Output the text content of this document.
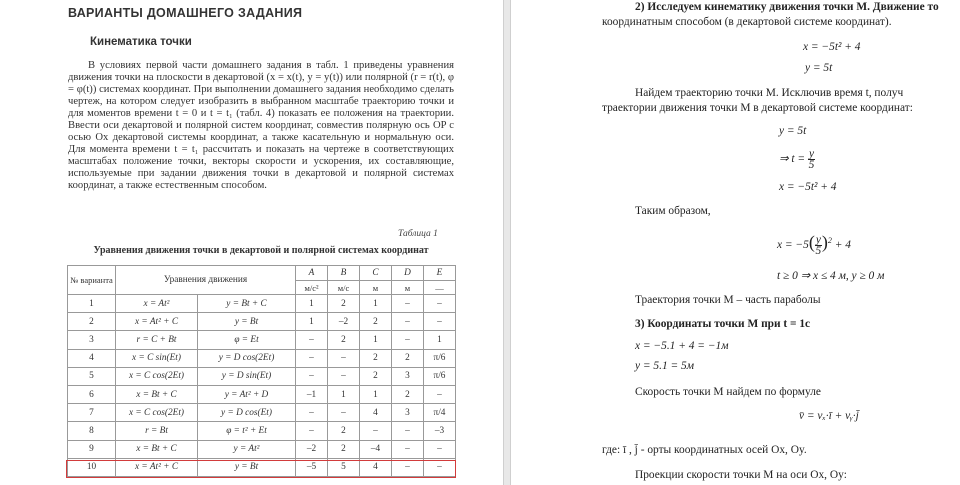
ВАРИАНТЫ ДОМАШНЕГО ЗАДАНИЯ
Кинематика точки
В условиях первой части домашнего задания в табл. 1 приведены уравнения движения точки на плоскости в декартовой (x = x(t), y = y(t)) или полярной (r = r(t), φ = φ(t)) системах координат. При выполнении домашнего задания необходимо сделать чертеж, на котором следует изобразить в выбранном масштабе траекторию точки и для моментов времени t = 0 и t = t₁ (табл. 4) показать ее положения на траектории. Ввести оси декартовой и полярной систем координат, совместив полярную ось OP с осью Ox декартовой системы координат, а также касательную и нормальную оси. Для момента времени t = t₁ рассчитать и показать на чертеже в соответствующих масштабах положение точки, векторы скорости и ускорения, их составляющие, используемые при задании движения точки в декартовой и полярной системах координат, а также естественным способом.
Таблица 1
Уравнения движения точки в декартовой и полярной системах координат
№ варианта	Уравнения движения		A	B	C	D	E
			м/с²	м/с	м	м	—
1	x = At²	y = Bt + C	1	2	1	–	–
2	x = At² + C	y = Bt	1	–2	2	–	–
3	r = C + Bt	φ = Et	–	2	1	–	1
4	x = C sin(Et)	y = D cos(2Et)	–	–	2	2	π/6
5	x = C cos(2Et)	y = D sin(Et)	–	–	2	3	π/6
6	x = Bt + C	y = At² + D	–1	1	1	2	–
7	x = C cos(2Et)	y = D cos(Et)	–	–	4	3	π/4
8	r = Bt	φ = t² + Et	–	2	–	–	–3
9	x = Bt + C	y = At²	–2	2	–4	–	–
10	x = At² + C	y = Bt	–5	5	4	–	–
2) Исследуем кинематику движения точки М. Движение то
координатным способом (в декартовой системе координат).
x = −5t² + 4
y = 5t
Найдем траекторию точки М. Исключив время t, получ
траектории движения точки М в декартовой системе координат:
y = 5t
⇒ $t = \frac{y}{5}$
x = −5t² + 4
Таким образом,
$x = -5( \frac{y}{5} )^2 + 4$
t ≥ 0 ⇒ x ≤ 4 м, y ≥ 0 м
Траектория точки М – часть параболы
3) Координаты точки М при t = 1c
x = −5.1 + 4 = −1м
y = 5.1 = 5м
Скорость точки М найдем по формуле
v̄ = vₓ·ī + vᵧ·j̄
где: ī , j̄ - орты координатных осей Ox, Oy.
Проекции скорости точки М на оси Ox, Oy:
